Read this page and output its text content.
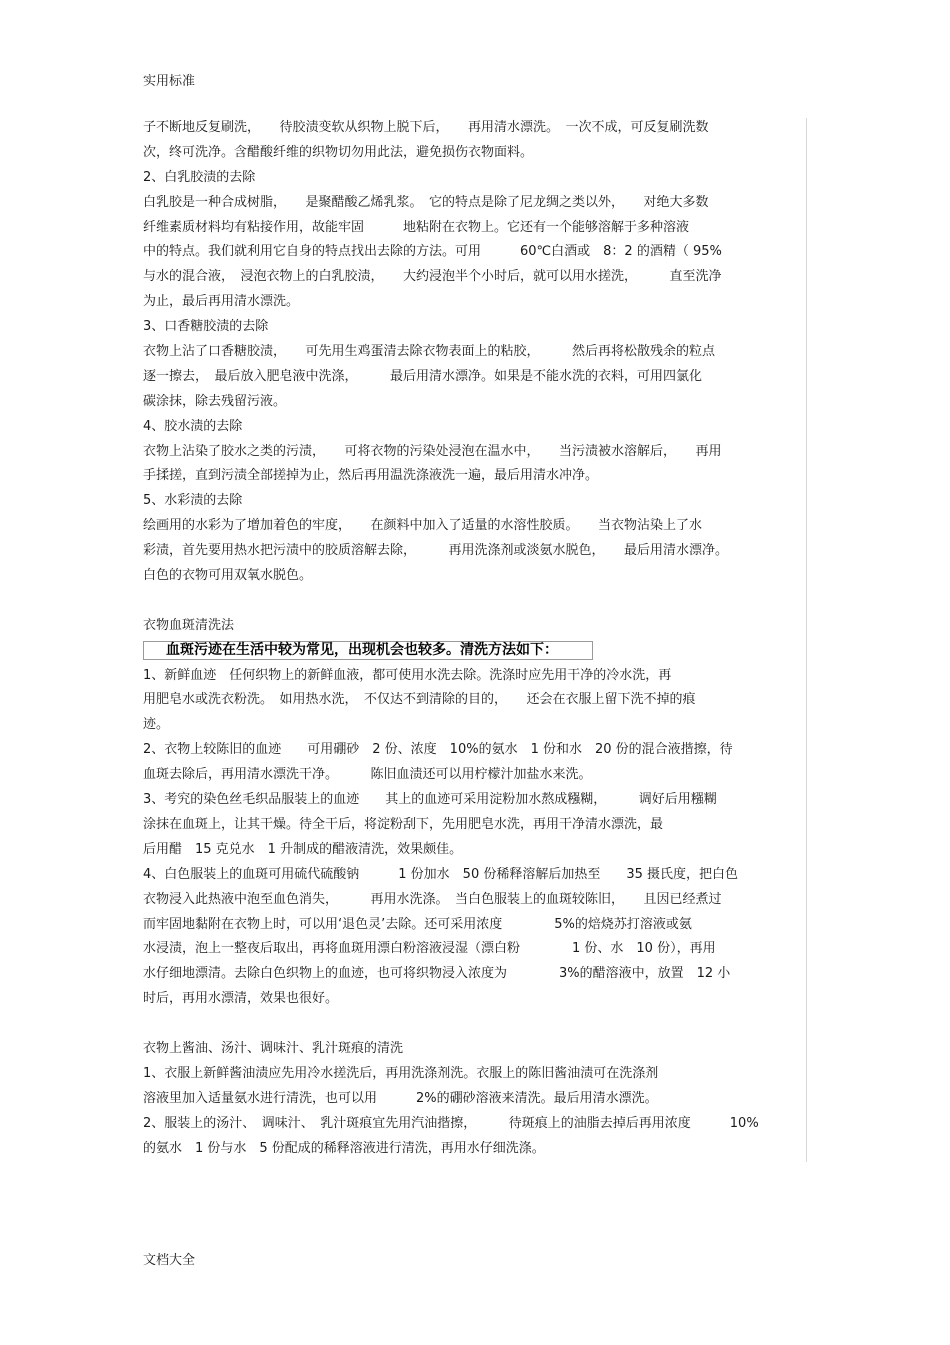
实用标准
子不断地反复刷洗，　　待胶渍变软从织物上脱下后，　　再用清水漂洗。　一次不成，可反复刷洗数
次，终可洗净。含醋酸纤维的织物切勿用此法，避免损伤衣物面料。
2、白乳胶渍的去除
白乳胶是一种合成树脂，　　是聚醋酸乙烯乳浆。　它的特点是除了尼龙绸之类以外，　　对绝大多数
纤维素质材料均有粘接作用，故能牢固　　　地粘附在衣物上。它还有一个能够溶解于多种溶液
中的特点。我们就利用它自身的特点找出去除的方法。可用　　　60℃白酒或　8：2 的酒精（ 95%
与水的混合液，　浸泡衣物上的白乳胶渍，　　大约浸泡半个小时后，就可以用水搓洗，　　　直至洗净
为止，最后再用清水漂洗。
3、口香糖胶渍的去除
衣物上沾了口香糖胶渍，　　可先用生鸡蛋清去除衣物表面上的粘胶，　　　然后再将松散残余的粒点
逐一擦去，　最后放入肥皂液中洗涤，　　　最后用清水漂净。如果是不能水洗的衣料，可用四氯化
碳涂抹，除去残留污液。
4、胶水渍的去除
衣物上沾染了胶水之类的污渍，　　可将衣物的污染处浸泡在温水中，　　当污渍被水溶解后，　　再用
手揉搓，直到污渍全部搓掉为止，然后再用温洗涤液洗一遍，最后用清水冲净。
5、水彩渍的去除
绘画用的水彩为了增加着色的牢度，　　在颜料中加入了适量的水溶性胶质。　　当衣物沾染上了水
彩渍，首先要用热水把污渍中的胶质溶解去除，　　　再用洗涤剂或淡氨水脱色，　　最后用清水漂净。
白色的衣物可用双氧水脱色。
衣物血斑清洗法
血斑污迹在生活中较为常见，出现机会也较多。清洗方法如下：
1、新鲜血迹　任何织物上的新鲜血液，都可使用水洗去除。洗涤时应先用干净的冷水洗，再
用肥皂水或洗衣粉洗。　如用热水洗，　不仅达不到清除的目的，　　还会在衣服上留下洗不掉的痕
迹。
2、衣物上较陈旧的血迹　　可用硼砂　2 份、浓度　10%的氨水　1 份和水　20 份的混合液揩擦，待
血斑去除后，再用清水漂洗干净。　　　陈旧血渍还可以用柠檬汁加盐水来洗。
3、考究的染色丝毛织品服装上的血迹　　其上的血迹可采用淀粉加水熬成糨糊，　　　调好后用糨糊
涂抹在血斑上，让其干燥。待全干后，将淀粉刮下，先用肥皂水洗，再用干净清水漂洗，最
后用醋　15 克兑水　1 升制成的醋液清洗，效果颇佳。
4、白色服装上的血斑可用硫代硫酸钠　　　1 份加水　50 份稀释溶解后加热至　　35 摄氏度，把白色
衣物浸入此热液中泡至血色消失，　　　再用水洗涤。　当白色服装上的血斑较陈旧，　　且因已经煮过
而牢固地黏附在衣物上时，可以用‘退色灵’去除。还可采用浓度　　　　5%的焙烧苏打溶液或氨
水浸渍，泡上一整夜后取出，再将血斑用漂白粉溶液浸湿（漂白粉　　　　1 份、水　10 份），再用
水仔细地漂清。去除白色织物上的血迹，也可将织物浸入浓度为　　　　3%的醋溶液中，放置　12 小
时后，再用水漂清，效果也很好。
衣物上酱油、汤汁、调味汁、乳汁斑痕的清洗
1、衣服上新鲜酱油渍应先用冷水搓洗后，再用洗涤剂洗。衣服上的陈旧酱油渍可在洗涤剂
溶液里加入适量氨水进行清洗，也可以用　　　2%的硼砂溶液来清洗。最后用清水漂洗。
2、服装上的汤汁、　调味汁、　乳汁斑痕宜先用汽油揩擦，　　　待斑痕上的油脂去掉后再用浓度　　　10%
的氨水　1 份与水　5 份配成的稀释溶液进行清洗，再用水仔细洗涤。
文档大全
